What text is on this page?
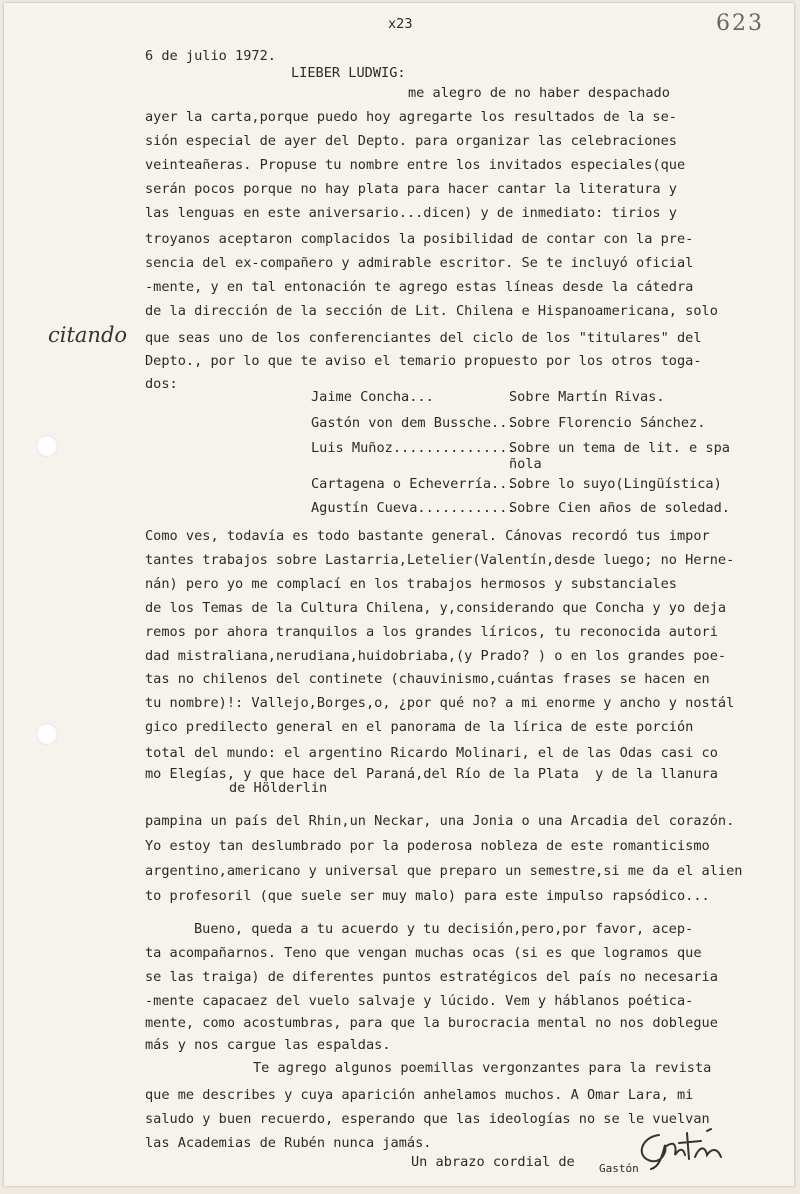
x23	623
6 de julio 1972.
LIEBER LUDWIG:
citando
me alegro de no haber despachado
ayer la carta,porque puedo hoy agregarte los resultados de la se-
sión especial de ayer del Depto. para organizar las celebraciones
veinteañeras. Propuse tu nombre entre los invitados especiales(que
serán pocos porque no hay plata para hacer cantar la literatura y
las lenguas en este aniversario...dicen) y de inmediato: tirios y
troyanos aceptaron complacidos la posibilidad de contar con la pre-
sencia del ex-compañero y admirable escritor. Se te incluyó oficial
-mente, y en tal entonación te agrego estas líneas desde la cátedra
de la dirección de la sección de Lit. Chilena e Hispanoamericana, solo
que seas uno de los conferenciantes del ciclo de los "titulares" del
Depto., por lo que te aviso el temario propuesto por los otros toga-
dos:
Jaime Concha...	Sobre Martín Rivas.
Gastón von dem Bussche...
Sobre Florencio Sánchez.
Luis Muñoz...............
Sobre un tema de lit. e spa
ñola
Cartagena o Echeverría....
Sobre lo suyo(Lingüística)
Agustín Cueva............
Sobre Cien años de soledad.
Como ves, todavía es todo bastante general. Cánovas recordó tus impor
tantes trabajos sobre Lastarria,Letelier(Valentín,desde luego; no Herne-
nán) pero yo me complací en los trabajos hermosos y substanciales
de los Temas de la Cultura Chilena, y,considerando que Concha y yo deja
remos por ahora tranquilos a los grandes líricos, tu reconocida autori
dad mistraliana,nerudiana,huidobriaba,(y Prado? ) o en los grandes poe-
tas no chilenos del continete (chauvinismo,cuántas frases se hacen en
tu nombre)!: Vallejo,Borges,o, ¿por qué no? a mi enorme y ancho y nostál
gico predilecto general en el panorama de la lírica de este porción
total del mundo: el argentino Ricardo Molinari, el de las Odas casi co
mo Elegías, y que hace del Paraná,del Río de la Plata  y de la llanura
de Hölderlin
pampina un país del Rhin,un Neckar, una Jonia o una Arcadia del corazón.
Yo estoy tan deslumbrado por la poderosa nobleza de este romanticismo
argentino,americano y universal que preparo un semestre,si me da el alien
to profesoril (que suele ser muy malo) para este impulso rapsódico...
Bueno, queda a tu acuerdo y tu decisión,pero,por favor, acep-
ta acompañarnos. Teno que vengan muchas ocas (si es que logramos que
se las traiga) de diferentes puntos estratégicos del país no necesaria
-mente capacaez del vuelo salvaje y lúcido. Vem y háblanos poética-
mente, como acostumbras, para que la burocracia mental no nos doblegue
más y nos cargue las espaldas.
Te agrego algunos poemillas vergonzantes para la revista
que me describes y cuya aparición anhelamos muchos. A Omar Lara, mi
saludo y buen recuerdo, esperando que las ideologías no se le vuelvan
las Academias de Rubén nunca jamás.
Un abrazo cordial de Gastón
